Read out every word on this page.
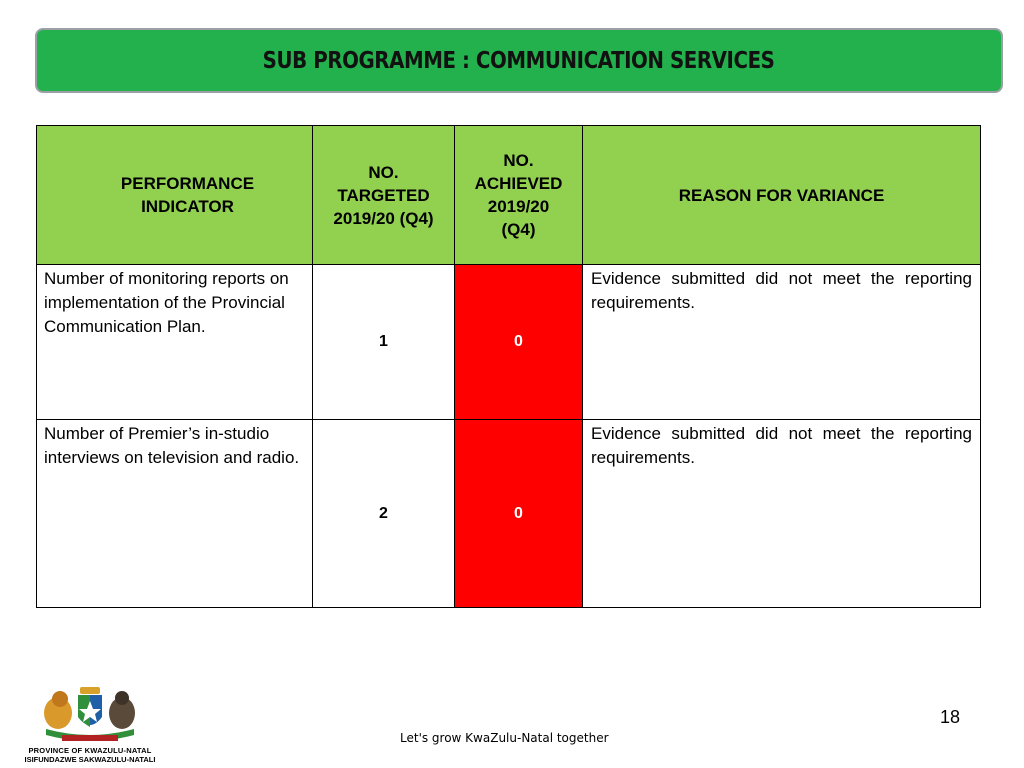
SUB PROGRAMME : COMMUNICATION SERVICES
PERFORMANCE INDICATOR	NO. TARGETED 2019/20 (Q4)	NO. ACHIEVED 2019/20 (Q4)	REASON FOR VARIANCE
Number of monitoring reports on implementation of the Provincial Communication Plan.	1	0	Evidence submitted did not meet the reporting requirements.
Number of Premier’s in-studio interviews on television and radio.	2	0	Evidence submitted did not meet the reporting requirements.
PROVINCE OF KWAZULU-NATAL
ISIFUNDAZWE SAKWAZULU-NATALI
Let's grow KwaZulu-Natal together
18
